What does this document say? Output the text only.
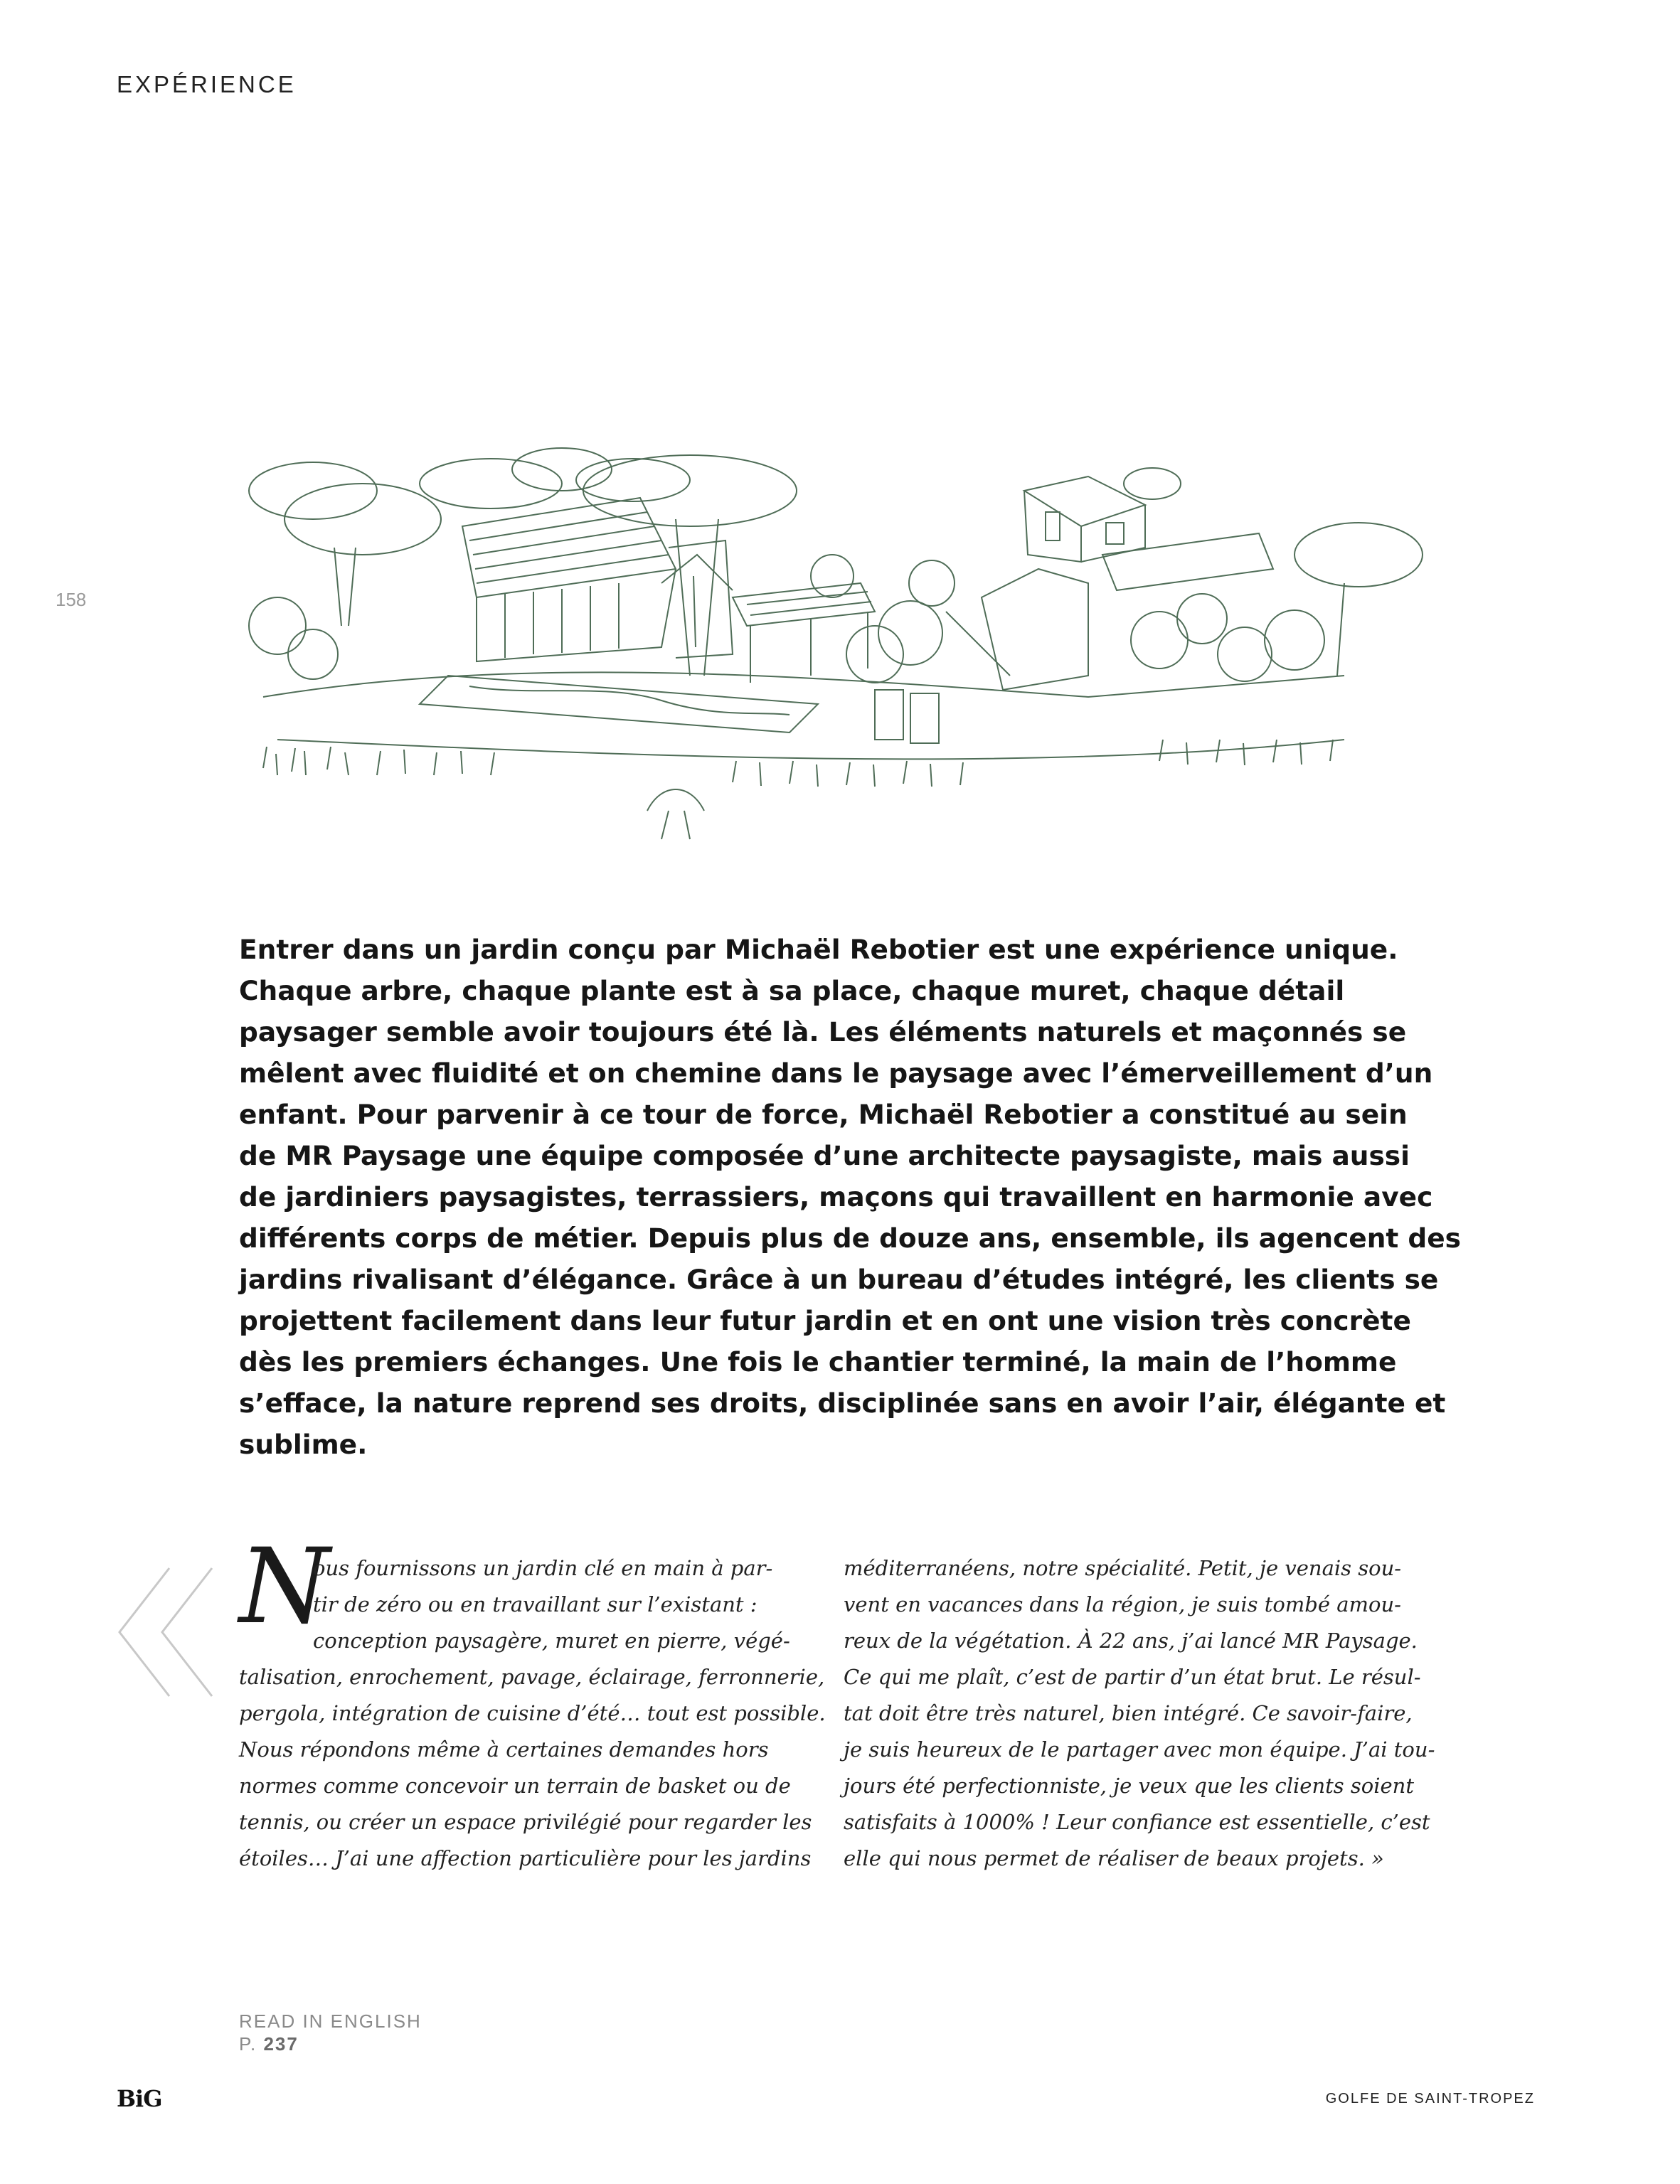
EXPÉRIENCE
158
Entrer dans un jardin conçu par Michaël Rebotier est une expérience unique.
Chaque arbre, chaque plante est à sa place, chaque muret, chaque détail
paysager semble avoir toujours été là. Les éléments naturels et maçonnés se
mêlent avec fluidité et on chemine dans le paysage avec l’émerveillement d’un
enfant. Pour parvenir à ce tour de force, Michaël Rebotier a constitué au sein
de MR Paysage une équipe composée d’une architecte paysagiste, mais aussi
de jardiniers paysagistes, terrassiers, maçons qui travaillent en harmonie avec
différents corps de métier. Depuis plus de douze ans, ensemble, ils agencent des
jardins rivalisant d’élégance. Grâce à un bureau d’études intégré, les clients se
projettent facilement dans leur futur jardin et en ont une vision très concrète
dès les premiers échanges. Une fois le chantier terminé, la main de l’homme
s’efface, la nature reprend ses droits, disciplinée sans en avoir l’air, élégante et
sublime.
N
ous fournissons un jardin clé en main à par-
tir de zéro ou en travaillant sur l’existant :
conception paysagère, muret en pierre, végé-
talisation, enrochement, pavage, éclairage, ferronnerie,
pergola, intégration de cuisine d’été… tout est possible.
Nous répondons même à certaines demandes hors
normes comme concevoir un terrain de basket ou de
tennis, ou créer un espace privilégié pour regarder les
étoiles… J’ai une affection particulière pour les jardins
méditerranéens, notre spécialité. Petit, je venais sou-
vent en vacances dans la région, je suis tombé amou-
reux de la végétation. À 22 ans, j’ai lancé MR Paysage.
Ce qui me plaît, c’est de partir d’un état brut. Le résul-
tat doit être très naturel, bien intégré. Ce savoir-faire,
je suis heureux de le partager avec mon équipe. J’ai tou-
jours été perfectionniste, je veux que les clients soient
satisfaits à 1000% ! Leur confiance est essentielle, c’est
elle qui nous permet de réaliser de beaux projets. »
READ IN ENGLISH
P. 237
BiG	GOLFE DE SAINT-TROPEZ
